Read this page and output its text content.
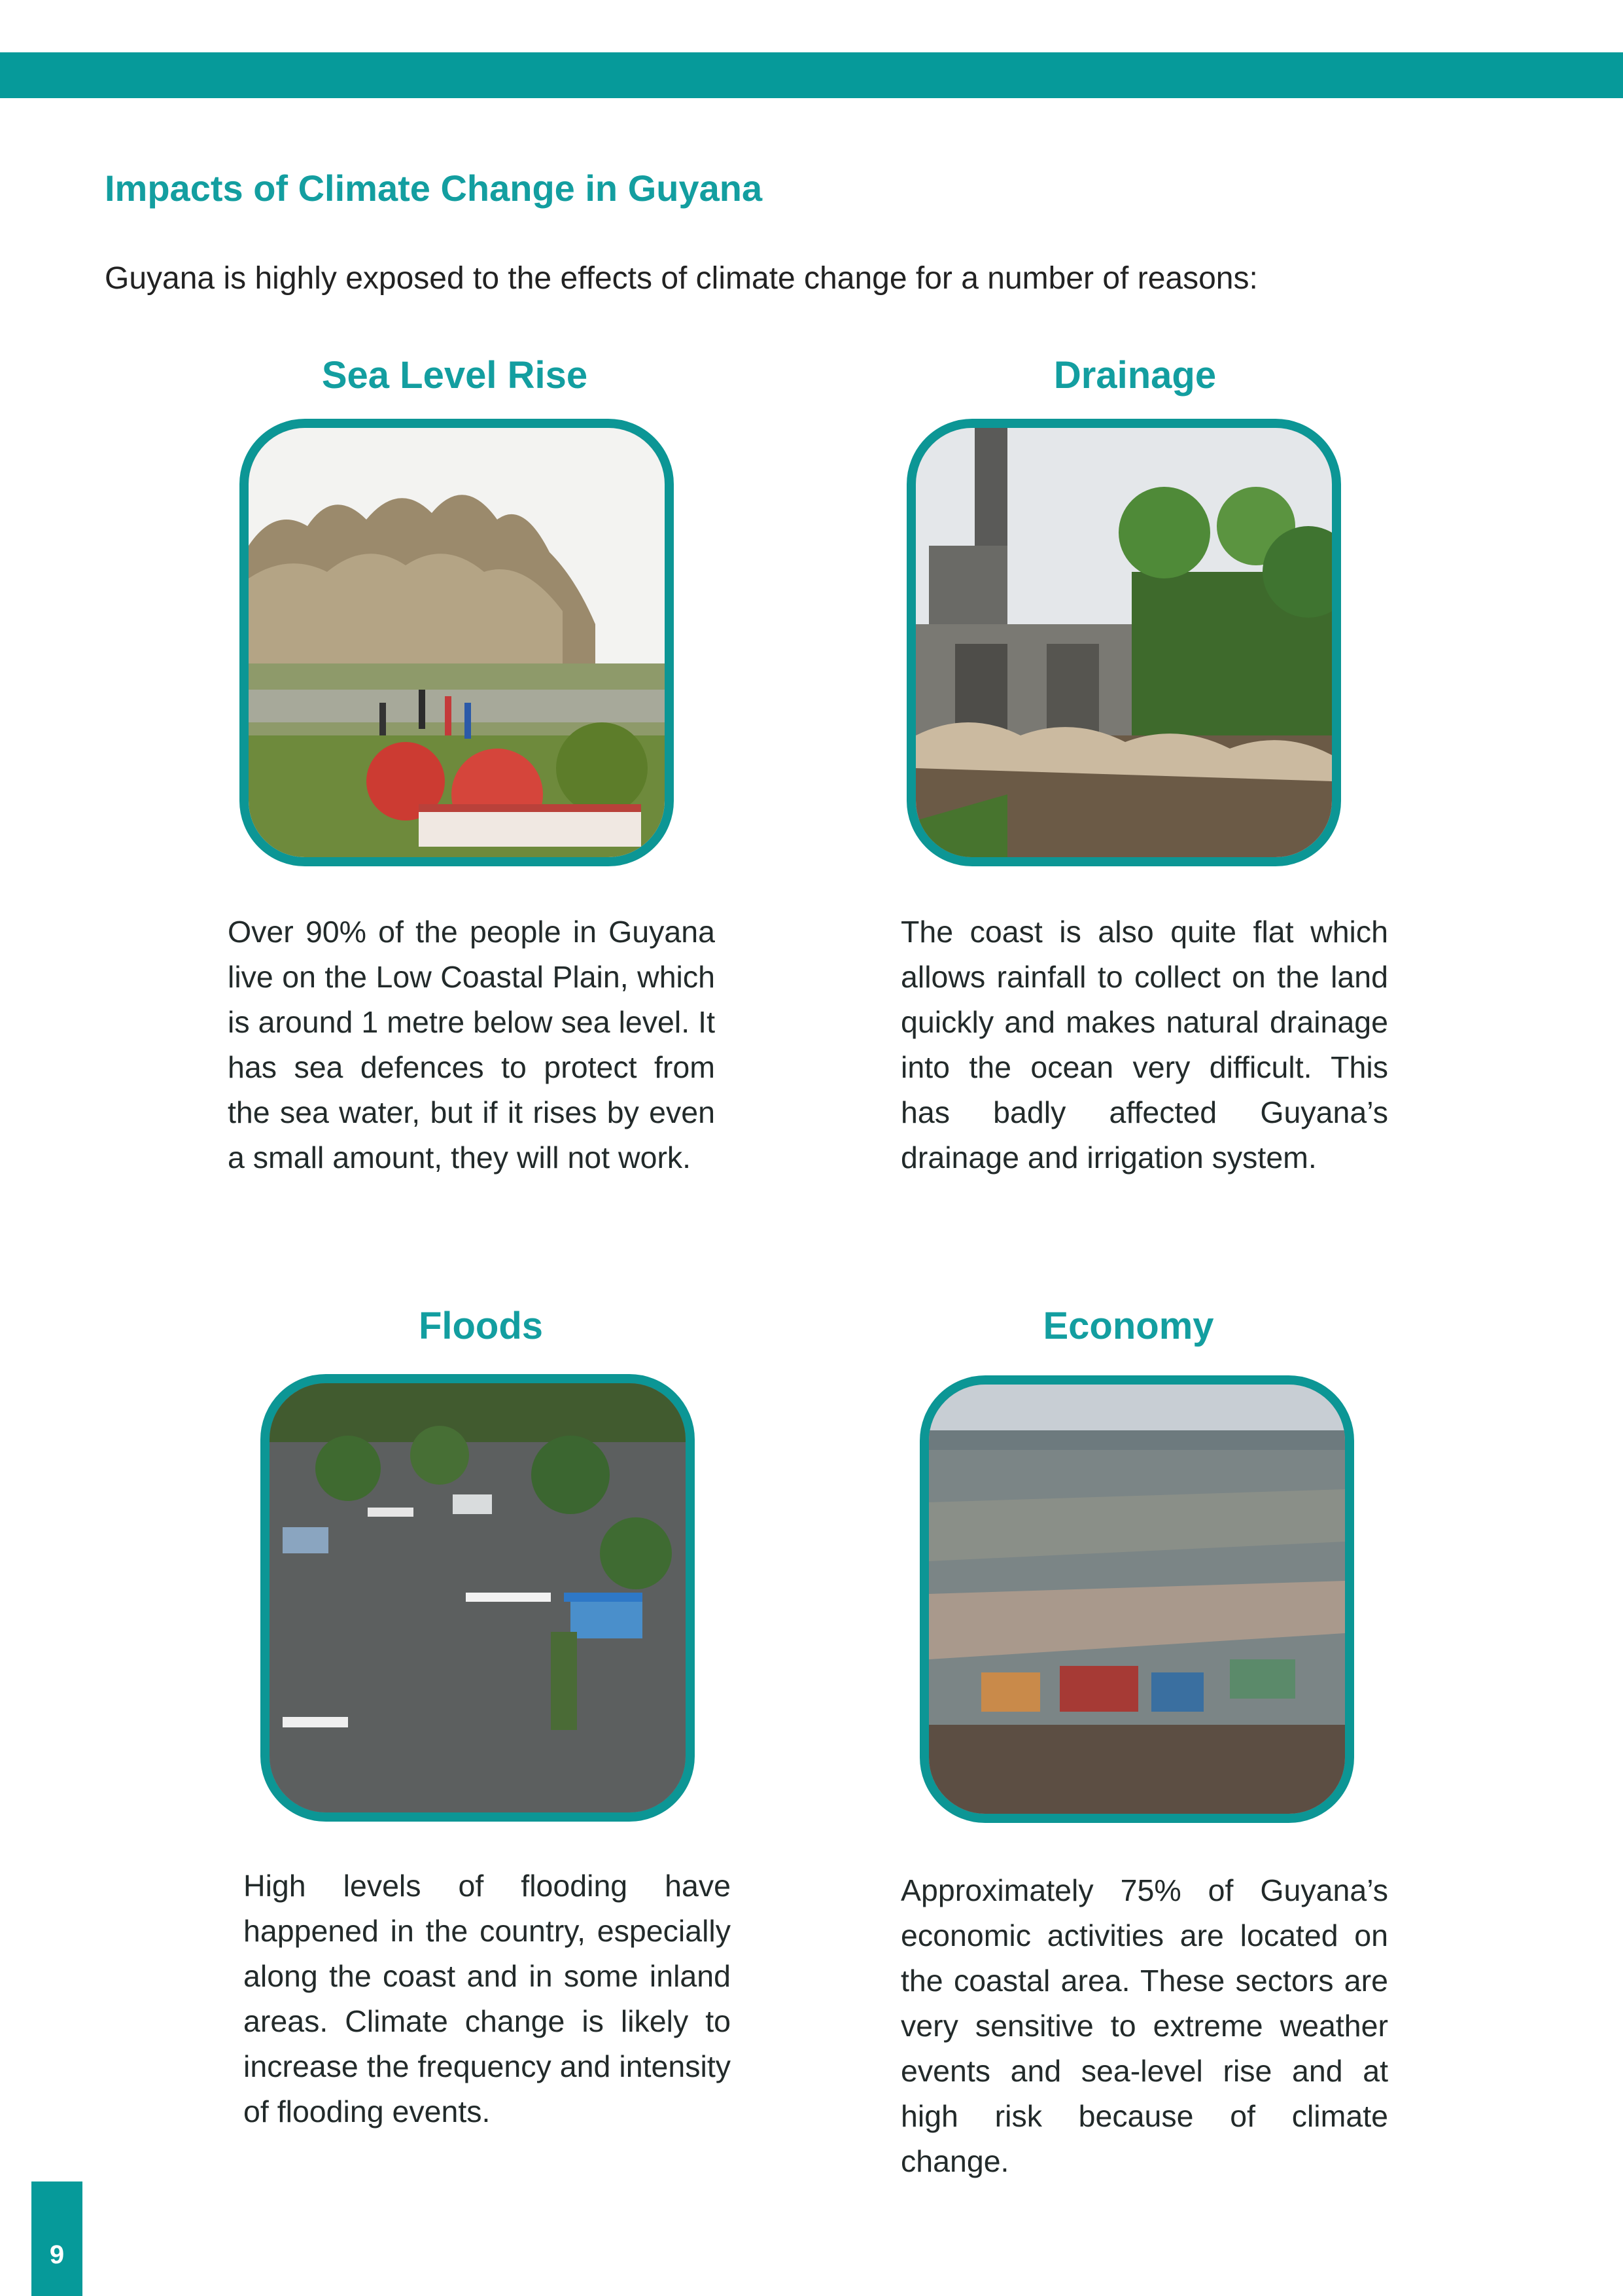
Impacts of Climate Change in Guyana

Guyana is highly exposed to the effects of climate change for a number of reasons:

Sea Level Rise

Over 90% of the people in Guyana live on the Low Coastal Plain, which is around 1 metre below sea level. It has sea defences to protect from the sea water, but if it rises by even a small amount, they will not work.

Drainage

The coast is also quite flat which allows rainfall to collect on the land quickly and makes natural drainage into the ocean very difficult. This has badly affected Guyana’s drainage and irrigation system.

Floods

High levels of flooding have happened in the country, especially along the coast and in some inland areas. Climate change is likely to increase the frequency and intensity of flooding events.

Economy

Approximately 75% of Guyana’s economic activities are located on the coastal area. These sectors are very sensitive to extreme weather events and sea-level rise and at high risk because of climate change.

9
